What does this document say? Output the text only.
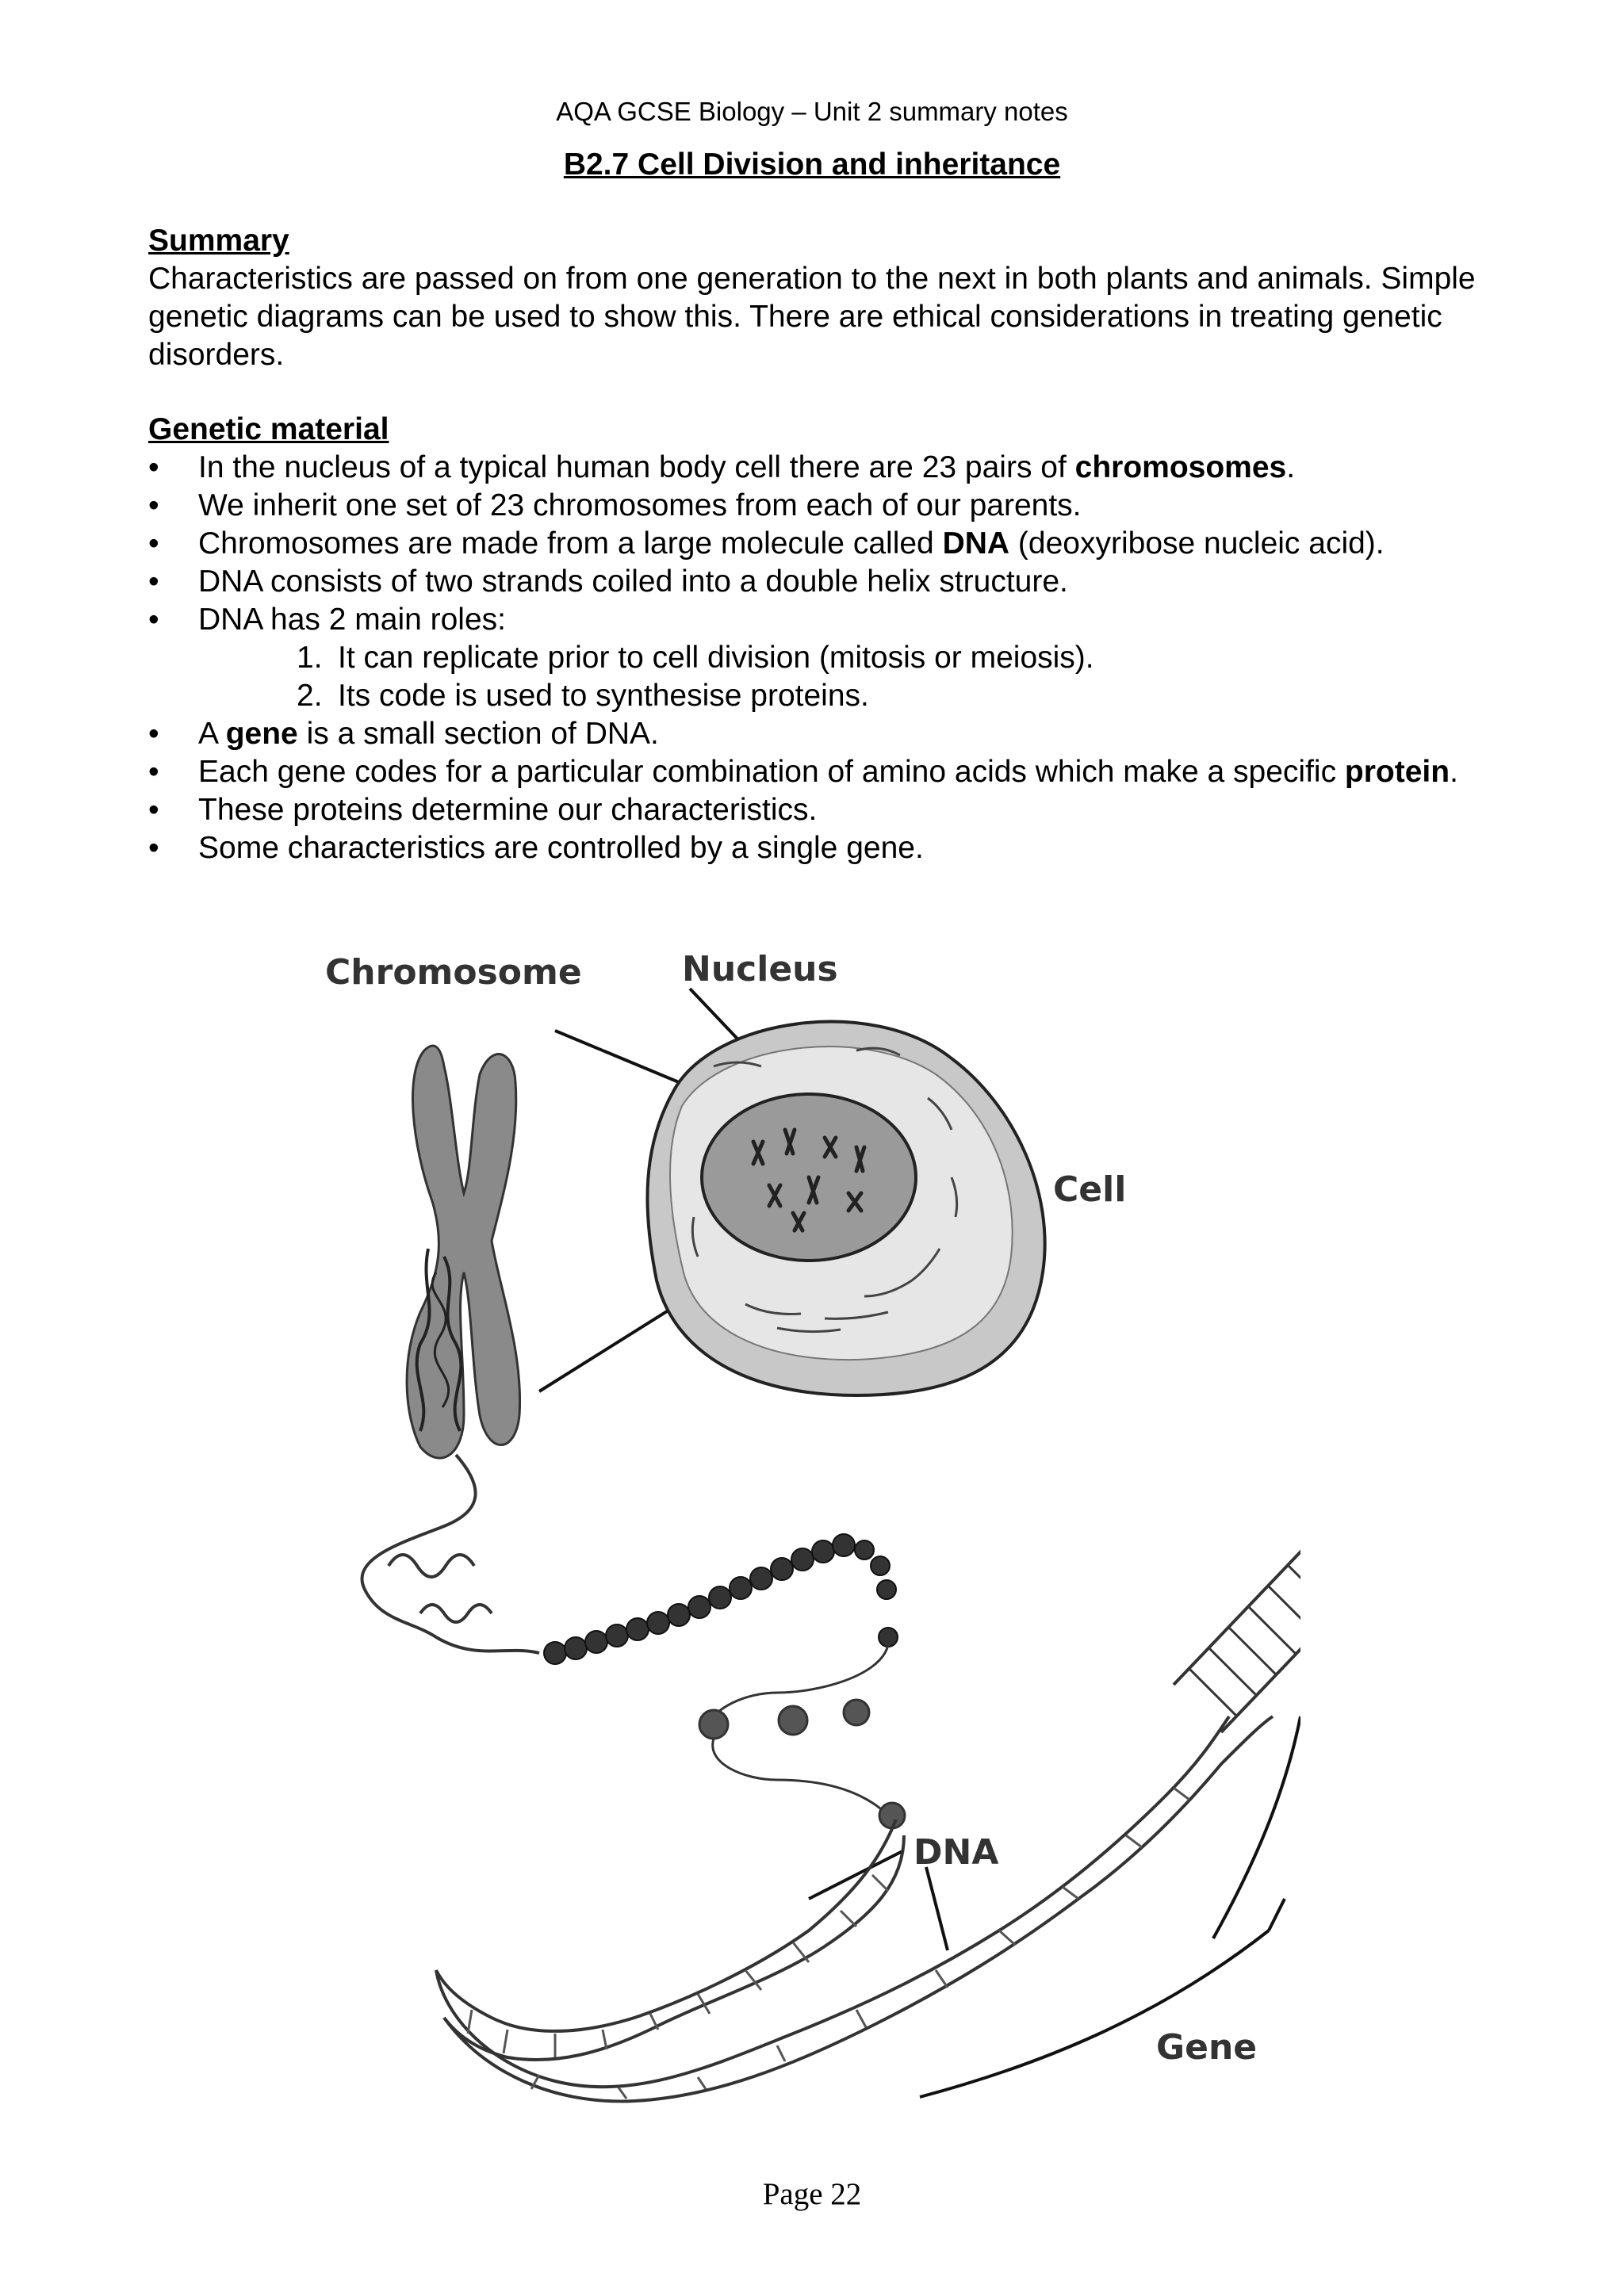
AQA GCSE Biology – Unit 2 summary notes
B2.7 Cell Division and inheritance
Summary
Characteristics are passed on from one generation to the next in both plants and animals. Simple genetic diagrams can be used to show this. There are ethical considerations in treating genetic disorders.
Genetic material
• In the nucleus of a typical human body cell there are 23 pairs of chromosomes.
• We inherit one set of 23 chromosomes from each of our parents.
• Chromosomes are made from a large molecule called DNA (deoxyribose nucleic acid).
• DNA consists of two strands coiled into a double helix structure.
• DNA has 2 main roles:
1. It can replicate prior to cell division (mitosis or meiosis).
2. Its code is used to synthesise proteins.
• A gene is a small section of DNA.
• Each gene codes for a particular combination of amino acids which make a specific protein.
• These proteins determine our characteristics.
• Some characteristics are controlled by a single gene.
Chromosome	Nucleus
Cell
DNA
Gene
Page 22
